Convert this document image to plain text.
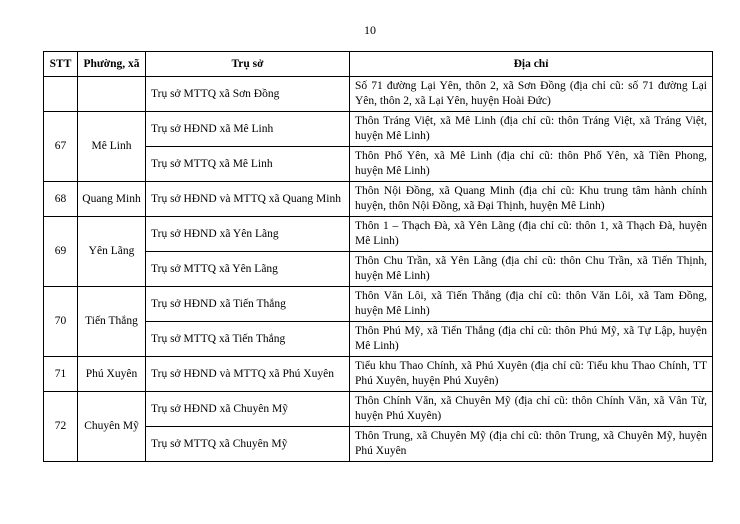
10
STT	Phường, xã	Trụ sở	Địa chỉ
		Trụ sở MTTQ xã Sơn Đồng	Số 71 đường Lại Yên, thôn 2, xã Sơn Đồng (địa chỉ cũ: số 71 đường Lại Yên, thôn 2, xã Lại Yên, huyện Hoài Đức)
67	Mê Linh	Trụ sở HĐND xã Mê Linh	Thôn Tráng Việt, xã Mê Linh (địa chỉ cũ: thôn Tráng Việt, xã Tráng Việt, huyện Mê Linh)
		Trụ sở MTTQ xã Mê Linh	Thôn Phố Yên, xã Mê Linh (địa chỉ cũ: thôn Phố Yên, xã Tiền Phong, huyện Mê Linh)
68	Quang Minh	Trụ sở HĐND và MTTQ xã Quang Minh	Thôn Nội Đồng, xã Quang Minh (địa chỉ cũ: Khu trung tâm hành chính huyện, thôn Nội Đồng, xã Đại Thịnh, huyện Mê Linh)
69	Yên Lãng	Trụ sở HĐND xã Yên Lãng	Thôn 1 – Thạch Đà, xã Yên Lãng (địa chỉ cũ: thôn 1, xã Thạch Đà, huyện Mê Linh)
		Trụ sở MTTQ xã Yên Lãng	Thôn Chu Trần, xã Yên Lãng (địa chỉ cũ: thôn Chu Trần, xã Tiến Thịnh, huyện Mê Linh)
70	Tiến Thắng	Trụ sở HĐND xã Tiến Thắng	Thôn Văn Lôi, xã Tiến Thắng (địa chỉ cũ: thôn Văn Lôi, xã Tam Đồng, huyện Mê Linh)
		Trụ sở MTTQ xã Tiến Thắng	Thôn Phú Mỹ, xã Tiến Thắng (địa chỉ cũ: thôn Phú Mỹ, xã Tự Lập, huyện Mê Linh)
71	Phú Xuyên	Trụ sở HĐND và MTTQ xã Phú Xuyên	Tiểu khu Thao Chính, xã Phú Xuyên (địa chỉ cũ: Tiểu khu Thao Chính, TT Phú Xuyên, huyện Phú Xuyên)
72	Chuyên Mỹ	Trụ sở HĐND xã Chuyên Mỹ	Thôn Chính Văn, xã Chuyên Mỹ (địa chỉ cũ: thôn Chính Văn, xã Vân Từ, huyện Phú Xuyên)
		Trụ sở MTTQ xã Chuyên Mỹ	Thôn Trung, xã Chuyên Mỹ (địa chỉ cũ: thôn Trung, xã Chuyên Mỹ, huyện Phú Xuyên
